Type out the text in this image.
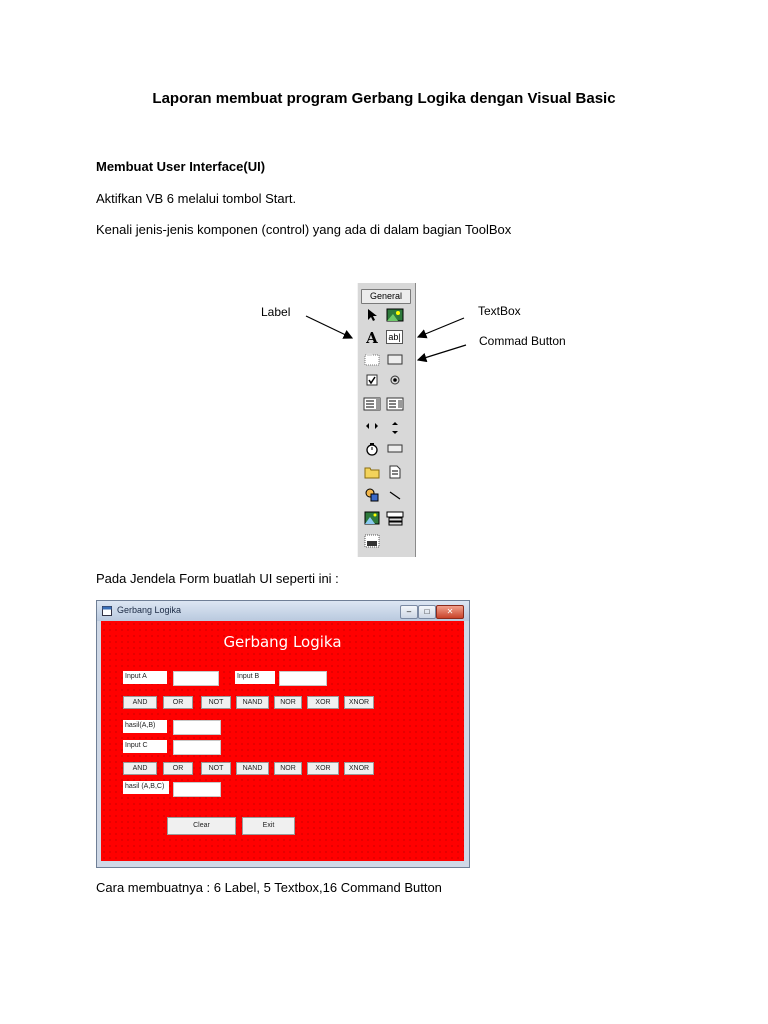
Laporan membuat program Gerbang Logika dengan Visual Basic
Membuat User Interface(UI)
Aktifkan VB 6 melalui tombol Start.
Kenali jenis-jenis komponen (control) yang ada di dalam bagian ToolBox
Label	TextBox
Commad Button
General
A	ab|
Pada Jendela Form buatlah UI seperti ini :
Gerbang Logika	–	□	✕
Gerbang Logika
Input A	Input B
AND	OR	NOT	NAND	NOR	XOR	XNOR
hasil(A,B)
Input C
AND	OR	NOT	NAND	NOR	XOR	XNOR
hasil (A,B,C)
Clear	Exit
Cara membuatnya : 6 Label, 5 Textbox,16 Command Button
